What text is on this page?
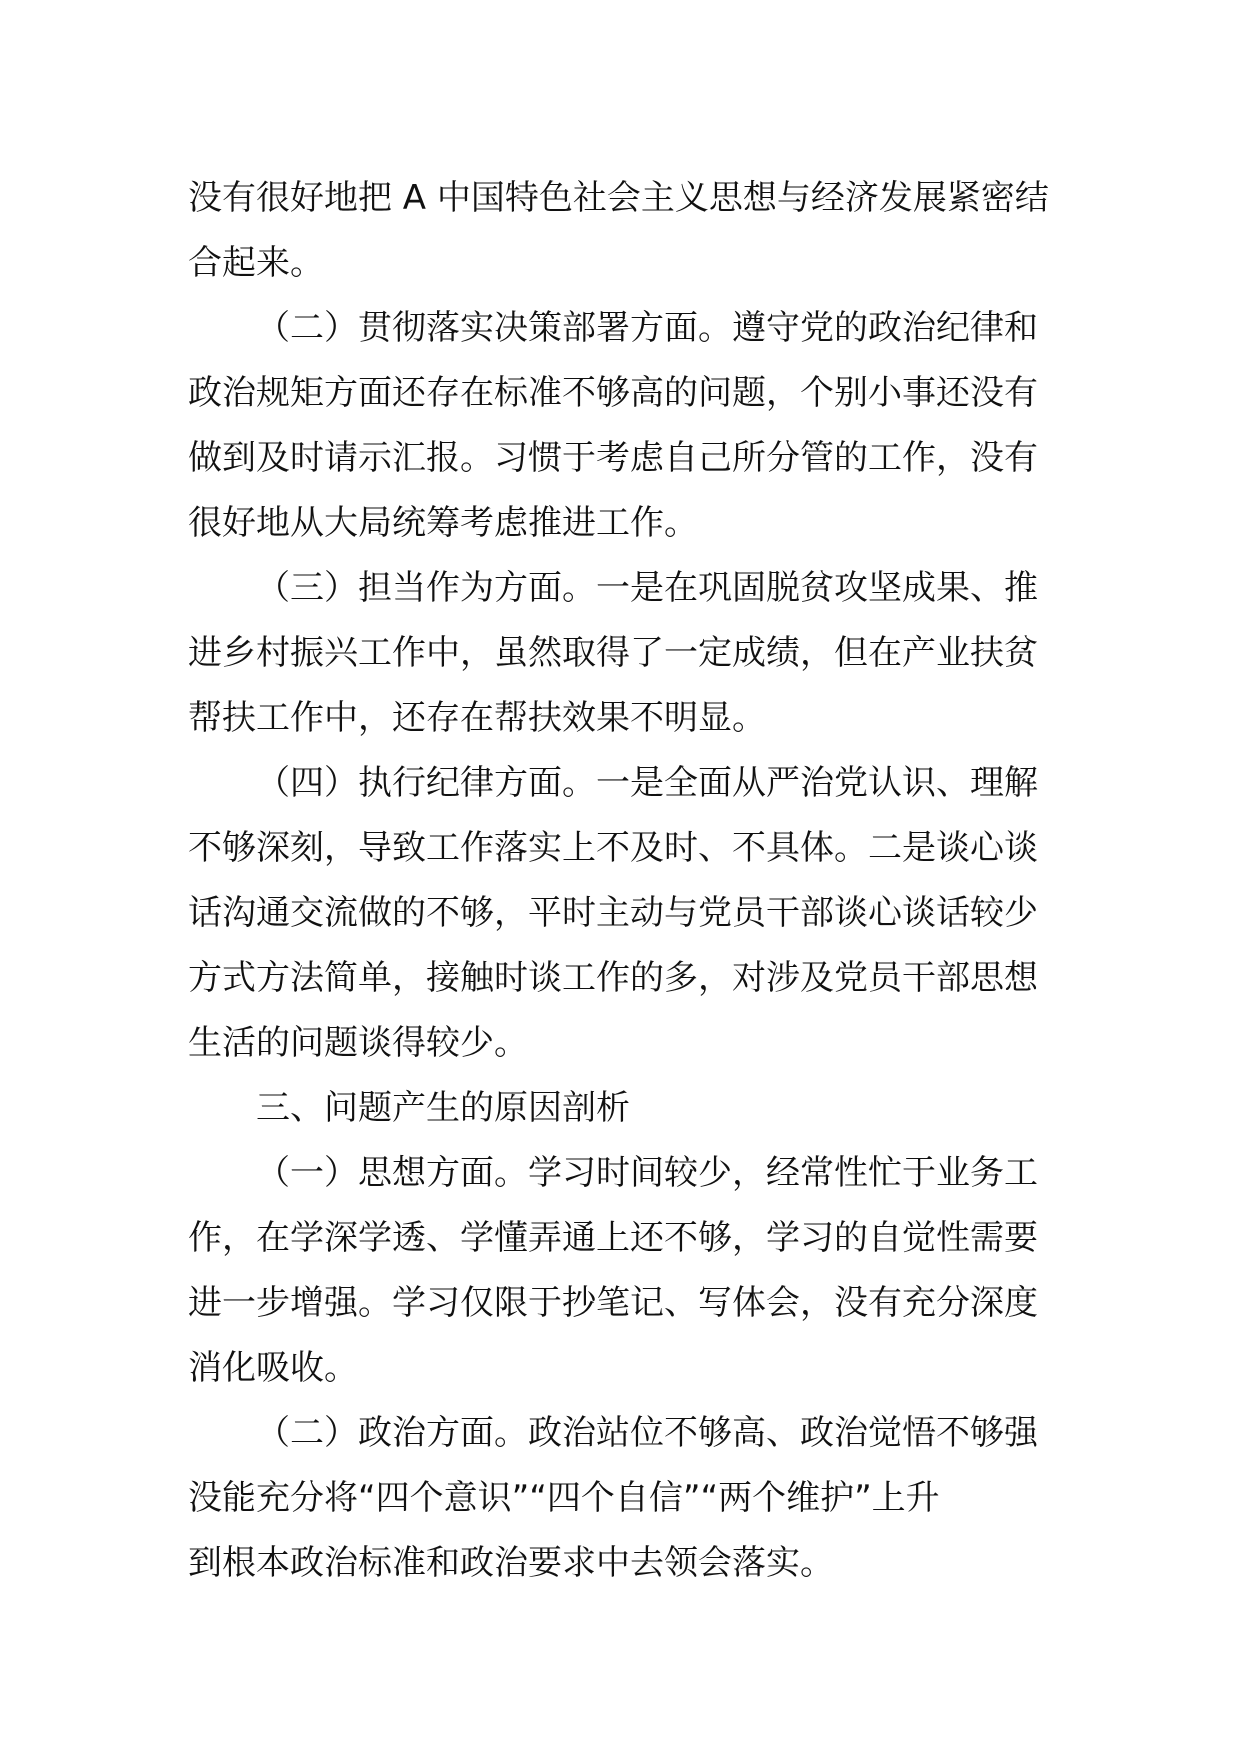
没有很好地把 A 中国特色社会主义思想与经济发展紧密结
合起来。
（二）贯彻落实决策部署方面。遵守党的政治纪律和
政治规矩方面还存在标准不够高的问题，个别小事还没有
做到及时请示汇报。习惯于考虑自己所分管的工作，没有
很好地从大局统筹考虑推进工作。
（三）担当作为方面。一是在巩固脱贫攻坚成果、推
进乡村振兴工作中，虽然取得了一定成绩，但在产业扶贫
帮扶工作中，还存在帮扶效果不明显。
（四）执行纪律方面。一是全面从严治党认识、理解
不够深刻，导致工作落实上不及时、不具体。二是谈心谈
话沟通交流做的不够，平时主动与党员干部谈心谈话较少
方式方法简单，接触时谈工作的多，对涉及党员干部思想
生活的问题谈得较少。
三、问题产生的原因剖析
（一）思想方面。学习时间较少，经常性忙于业务工
作，在学深学透、学懂弄通上还不够，学习的自觉性需要
进一步增强。学习仅限于抄笔记、写体会，没有充分深度
消化吸收。
（二）政治方面。政治站位不够高、政治觉悟不够强
没能充分将“四个意识”“四个自信”“两个维护”上升
到根本政治标准和政治要求中去领会落实。
